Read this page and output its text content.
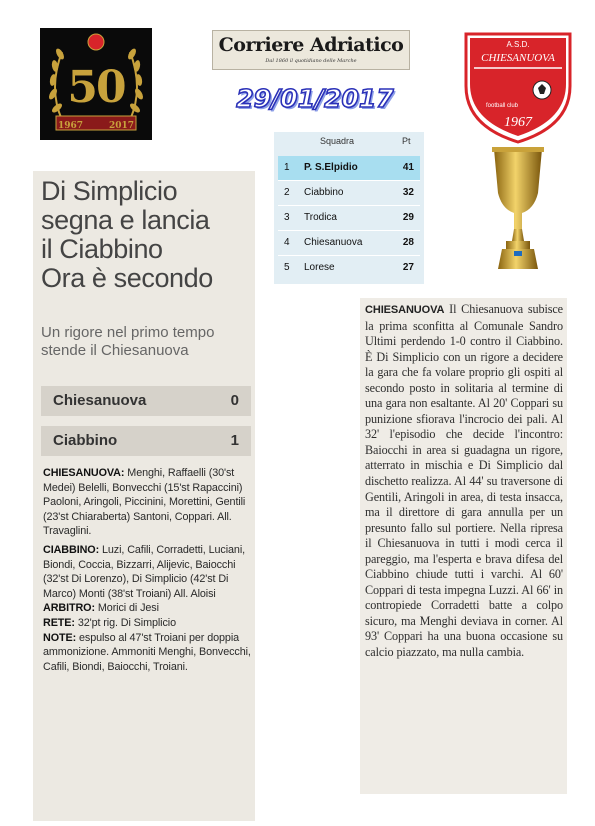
50
1967	2017
Corriere Adriatico
Dal 1860 il quotidiano delle Marche
29/01/2017
A.S.D.
CHIESANUOVA
football club
1967
Squadra	Pt
1 P. S.Elpidio	41
2 Ciabbino	32
3 Trodica	29
4 Chiesanuova	28
5 Lorese	27
Di Simplicio
segna e lancia
il Ciabbino
Ora è secondo
Un rigore nel primo tempo stende il Chiesanuova
Chiesanuova	0
Ciabbino	1

CHIESANUOVA: Menghi, Raffaelli (30'st Medei) Belelli, Bonvecchi (15'st Rapaccini) Paoloni, Aringoli, Piccinini, Morettini, Gentili (23'st Chiaraberta) Santoni, Coppari. All. Travaglini.

CIABBINO: Luzi, Cafili, Corradetti, Luciani, Biondi, Coccia, Bizzarri, Alijevic, Baiocchi (32'st Di Lorenzo), Di Simplicio (42'st Di Marco) Monti (38'st Troiani) All. Aloisi

ARBITRO: Morici di Jesi

RETE: 32'pt rig. Di Simplicio

NOTE: espulso al 47'st Troiani per doppia ammonizione. Ammoniti Menghi, Bonvecchi, Cafili, Biondi, Baiocchi, Troiani.

CHIESANUOVA Il Chiesanuova subisce la prima sconfitta al Comunale Sandro Ultimi perdendo 1-0 contro il Ciabbino. È Di Simplicio con un rigore a decidere la gara che fa volare proprio gli ospiti al secondo posto in solitaria al termine di una gara non esaltante. Al 20' Coppari su punizione sfiorava l'incrocio dei pali. Al 32' l'episodio che decide l'incontro: Baiocchi in area si guadagna un rigore, atterrato in mischia e Di Simplicio dal dischetto realizza. Al 44' su traversone di Gentili, Aringoli in area, di testa insacca, ma il direttore di gara annulla per un presunto fallo sul portiere. Nella ripresa il Chiesanuova in tutti i modi cerca il pareggio, ma l'esperta e brava difesa del Ciabbino chiude tutti i varchi. Al 60' Coppari di testa impegna Luzzi. Al 66' in contropiede Corradetti batte a colpo sicuro, ma Menghi deviava in corner. Al 93' Coppari ha una buona occasione su calcio piazzato, ma nulla cambia.
